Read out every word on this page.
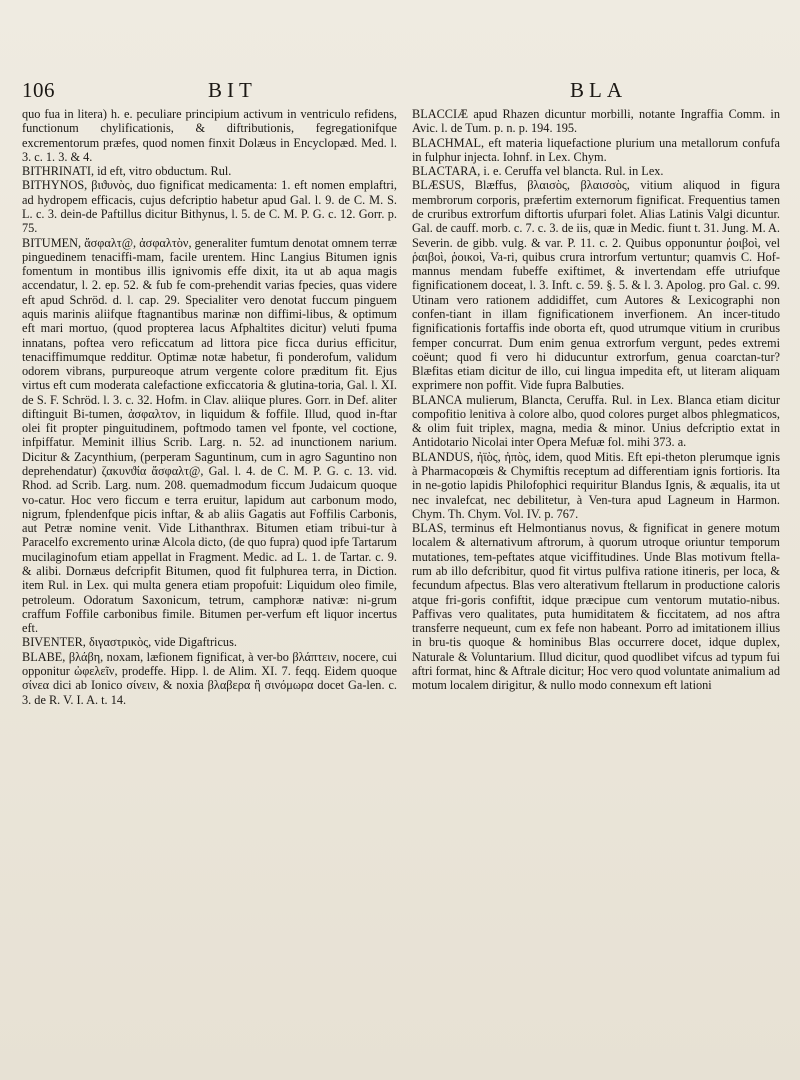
106	BIT	BLA

quo fua in litera) h. e. peculiare principium activum in ventriculo refidens, functionum chylificationis, & diftributionis, fegregationifque excrementorum præfes, quod nomen finxit Dolæus in Encyclopæd. Med. l. 3. c. 1. 3. & 4.

BITHRINATI, id eft, vitro obductum. Rul.

BITHYNOS, βιϑυνὸς, duo fignificat medicamenta: 1. eft nomen emplaftri, ad hydropem efficacis, cujus defcriptio habetur apud Gal. l. 9. de C. M. S. L. c. 3. dein-de Paftillus dicitur Bithynus, l. 5. de C. M. P. G. c. 12. Gorr. p. 75.

BITUMEN, ἄσφαλτ@, ἀσφαλτὸν, generaliter fumtum denotat omnem terræ pinguedinem tenaciffi-mam, facile urentem. Hinc Langius Bitumen ignis fomentum in montibus illis ignivomis effe dixit, ita ut ab aqua magis accendatur, l. 2. ep. 52. & fub fe com-prehendit varias fpecies, quas videre eft apud Schröd. d. l. cap. 29. Specialiter vero denotat fuccum pinguem aquis marinis aliifque ftagnantibus marinæ non diffimi-libus, & optimum eft mari mortuo, (quod propterea lacus Afphaltites dicitur) veluti fpuma innatans, poftea vero reficcatum ad littora pice ficca durius efficitur, tenaciffimumque redditur. Optimæ notæ habetur, fi ponderofum, validum odorem vibrans, purpureoque atrum vergente colore præditum fit. Ejus virtus eft cum moderata calefactione exficcatoria & glutina-toria, Gal. l. XI. de S. F. Schröd. l. 3. c. 32. Hofm. in Clav. aliique plures. Gorr. in Def. aliter diftinguit Bi-tumen, ἀσφαλτον, in liquidum & foffile. Illud, quod in-ftar olei fit propter pinguitudinem, poftmodo tamen vel fponte, vel coctione, infpiffatur. Meminit illius Scrib. Larg. n. 52. ad inunctionem narium. Dicitur & Zacynthium, (perperam Saguntinum, cum in agro Saguntino non deprehendatur) ζακυνϑία ἄσφαλτ@, Gal. l. 4. de C. M. P. G. c. 13. vid. Rhod. ad Scrib. Larg. num. 208. quemadmodum ficcum Judaicum quoque vo-catur. Hoc vero ficcum e terra eruitur, lapidum aut carbonum modo, nigrum, fplendenfque picis inftar, & ab aliis Gagatis aut Foffilis Carbonis, aut Petræ nomine venit. Vide Lithanthrax. Bitumen etiam tribui-tur à Paracelfo excremento urinæ Alcola dicto, (de quo fupra) quod ipfe Tartarum mucilaginofum etiam appellat in Fragment. Medic. ad L. 1. de Tartar. c. 9. & alibi. Dornæus defcripfit Bitumen, quod fit fulphurea terra, in Diction. item Rul. in Lex. qui multa genera etiam propofuit: Liquidum oleo fimile, petroleum. Odoratum Saxonicum, tetrum, camphoræ nativæ: ni-grum craffum Foffile carbonibus fimile. Bitumen per-verfum eft liquor incertus eft.

BIVENTER, διγαστρικὸς, vide Digaftricus.

BLABE, βλάβη, noxam, læfionem fignificat, à ver-bo βλάπτειν, nocere, cui opponitur ὠφελεῖν, prodeffe. Hipp. l. de Alim. XI. 7. feqq. Eidem quoque σίνεα dici ab Ionico σίνειν, & noxia βλαβερα ἢ σινόμωρα docet Ga-len. c. 3. de R. V. I. A. t. 14.

BLACCIÆ apud Rhazen dicuntur morbilli, notante Ingraffia Comm. in Avic. l. de Tum. p. n. p. 194. 195.

BLACHMAL, eft materia liquefactione plurium una metallorum confufa in fulphur injecta. Iohnf. in Lex. Chym.

BLACTARA, i. e. Ceruffa vel blancta. Rul. in Lex.

BLÆSUS, Blæffus, βλαισὸς, βλαισσὸς, vitium aliquod in figura membrorum corporis, præfertim externorum fignificat. Frequentius tamen de cruribus extrorfum diftortis ufurpari folet. Alias Latinis Valgi dicuntur. Gal. de cauff. morb. c. 7. c. 3. de iis, quæ in Medic. fiunt t. 31. Jung. M. A. Severin. de gibb. vulg. & var. P. 11. c. 2. Quibus opponuntur ῥοιβοὶ, vel ῥαιβοὶ, ῥοικοὶ, Va-ri, quibus crura introrfum vertuntur; quamvis C. Hof-mannus mendam fubeffe exiftimet, & invertendam effe utriufque fignificationem doceat, l. 3. Inft. c. 59. §. 5. & l. 3. Apolog. pro Gal. c. 99. Utinam vero rationem addidiffet, cum Autores & Lexicographi non confen-tiant in illam fignificationem inverfionem. An incer-titudo fignificationis fortaffis inde oborta eft, quod utrumque vitium in cruribus femper concurrat. Dum enim genua extrorfum vergunt, pedes extremi coëunt; quod fi vero hi diducuntur extrorfum, genua coarctan-tur? Blæfitas etiam dicitur de illo, cui lingua impedita eft, ut literam aliquam exprimere non poffit. Vide fupra Balbuties.

BLANCA mulierum, Blancta, Ceruffa. Rul. in Lex. Blanca etiam dicitur compofitio lenitiva à colore albo, quod colores purget albos phlegmaticos, & olim fuit triplex, magna, media & minor. Unius defcriptio extat in Antidotario Nicolai inter Opera Mefuæ fol. mihi 373. a.

BLANDUS, ἠϊὸς, ἠπὸς, idem, quod Mitis. Eft epi-theton plerumque ignis à Pharmacopœis & Chymiftis receptum ad differentiam ignis fortioris. Ita in ne-gotio lapidis Philofophici requiritur Blandus Ignis, & æqualis, ita ut nec invalefcat, nec debilitetur, à Ven-tura apud Lagneum in Harmon. Chym. Th. Chym. Vol. IV. p. 767.

BLAS, terminus eft Helmontianus novus, & fignificat in genere motum localem & alternativum aftrorum, à quorum utroque oriuntur temporum mutationes, tem-peftates atque viciffitudines. Unde Blas motivum ftella-rum ab illo defcribitur, quod fit virtus pulfiva ratione itineris, per loca, & fecundum afpectus. Blas vero alterativum ftellarum in productione caloris atque fri-goris confiftit, idque præcipue cum ventorum mutatio-nibus. Paffivas vero qualitates, puta humiditatem & ficcitatem, ad nos aftra transferre nequeunt, cum ex fefe non habeant. Porro ad imitationem illius in bru-tis quoque & hominibus Blas occurrere docet, idque duplex, Naturale & Voluntarium. Illud dicitur, quod quodlibet vifcus ad typum fui aftri format, hinc & Aftrale dicitur; Hoc vero quod voluntate animalium ad motum localem dirigitur, & nullo modo connexum eft lationi
